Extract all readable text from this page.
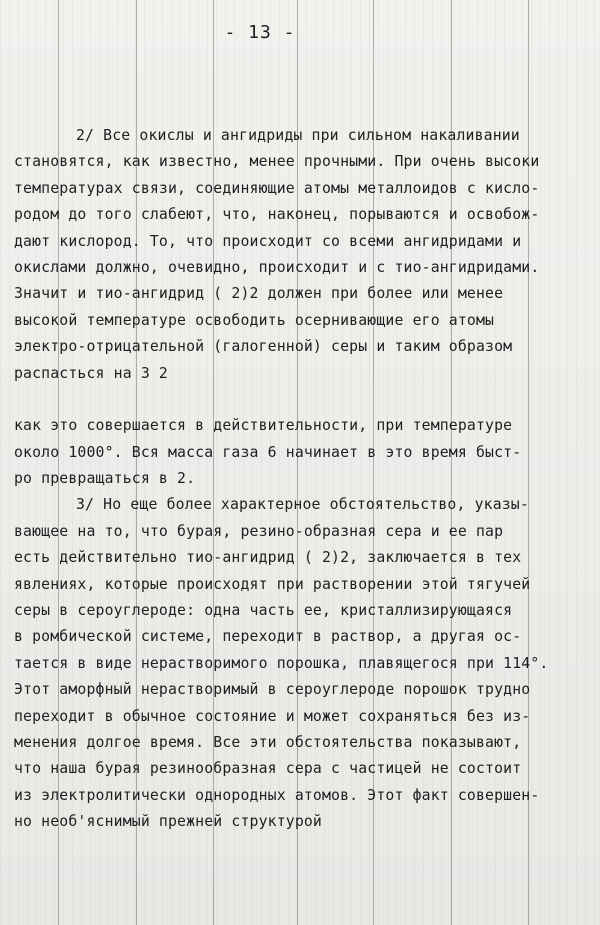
- 13 -
2/ Все окислы и ангидриды при сильном накаливании
становятся, как известно, менее прочными. При очень высоки
температурах связи, соединяющие атомы металлоидов с кисло-
родом до того слабеют, что, наконец, порываются и освобож-
дают кислород. То, что происходит со всеми ангидридами и
окислами должно, очевидно, происходит и с тио-ангидридами.
Значит и тио-ангидрид ( 2)2 должен при более или менее
высокой температуре освободить осернивающие его атомы
электро-отрицательной (галогенной) серы и таким образом
распасться на 3 2
как это совершается в действительности, при температуре
около 1000°. Вся масса газа 6 начинает в это время быст-
ро превращаться в 2.
3/ Но еще более характерное обстоятельство, указы-
вающее на то, что бурая, резино-образная сера и ее пар
есть действительно тио-ангидрид ( 2)2, заключается в тех
явлениях, которые происходят при растворении этой тягучей
серы в сероуглероде: одна часть ее, кристаллизирующаяся
в ромбической системе, переходит в раствор, а другая ос-
тается в виде нерастворимого порошка, плавящегося при 114°.
Этот аморфный нерастворимый в сероуглероде порошок трудно
переходит в обычное состояние и может сохраняться без из-
менения долгое время. Все эти обстоятельства показывают,
что наша бурая резинообразная сера с частицей не состоит
из электролитически однородных атомов. Этот факт совершен-
но необ'яснимый прежней структурой
